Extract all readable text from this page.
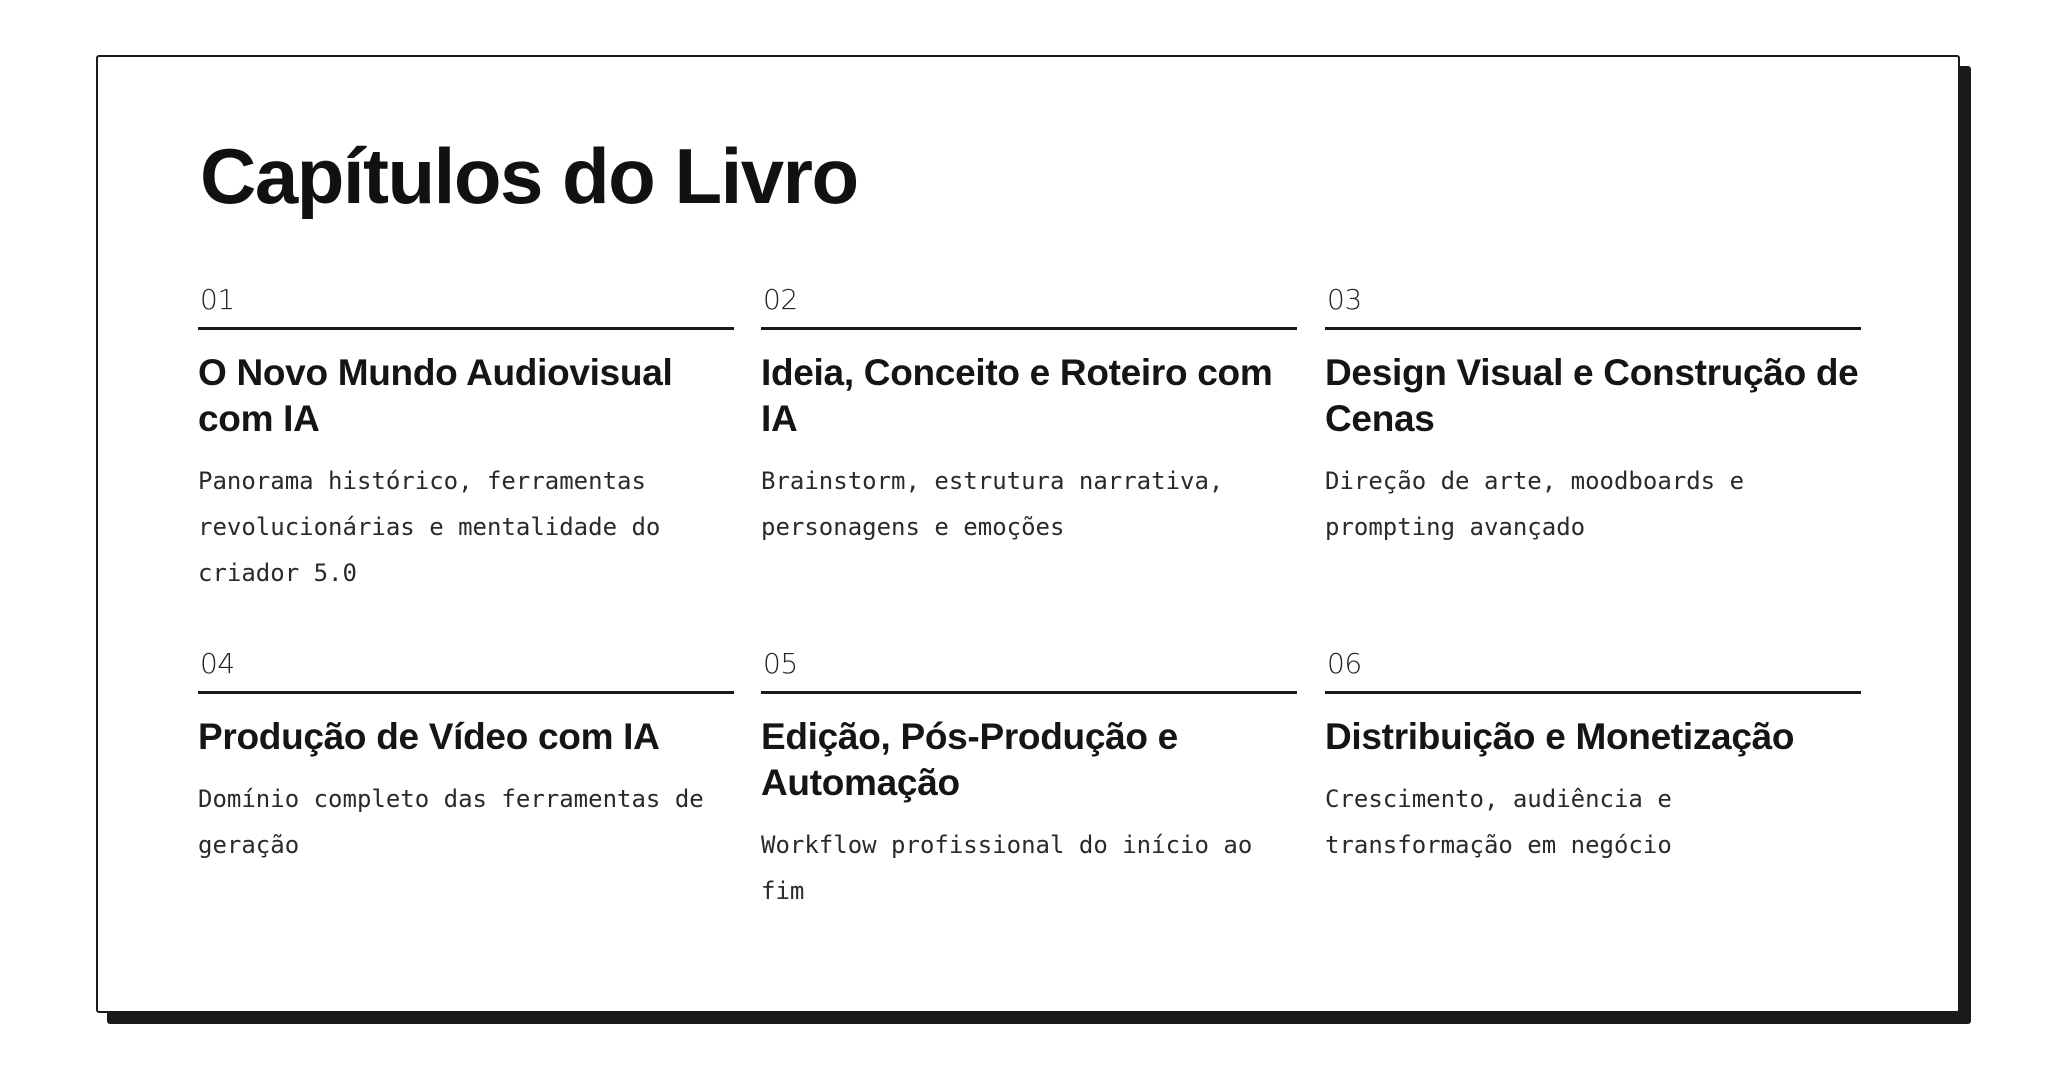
Capítulos do Livro
01
O Novo Mundo Audiovisual com IA

Panorama histórico, ferramentas revolucionárias e mentalidade do criador 5.0

02
Ideia, Conceito e Roteiro com IA

Brainstorm, estrutura narrativa, personagens e emoções

03
Design Visual e Construção de Cenas

Direção de arte, moodboards e prompting avançado

04
Produção de Vídeo com IA

Domínio completo das ferramentas de geração

05
Edição, Pós-Produção e Automação

Workflow profissional do início ao fim

06
Distribuição e Monetização

Crescimento, audiência e transformação em negócio
